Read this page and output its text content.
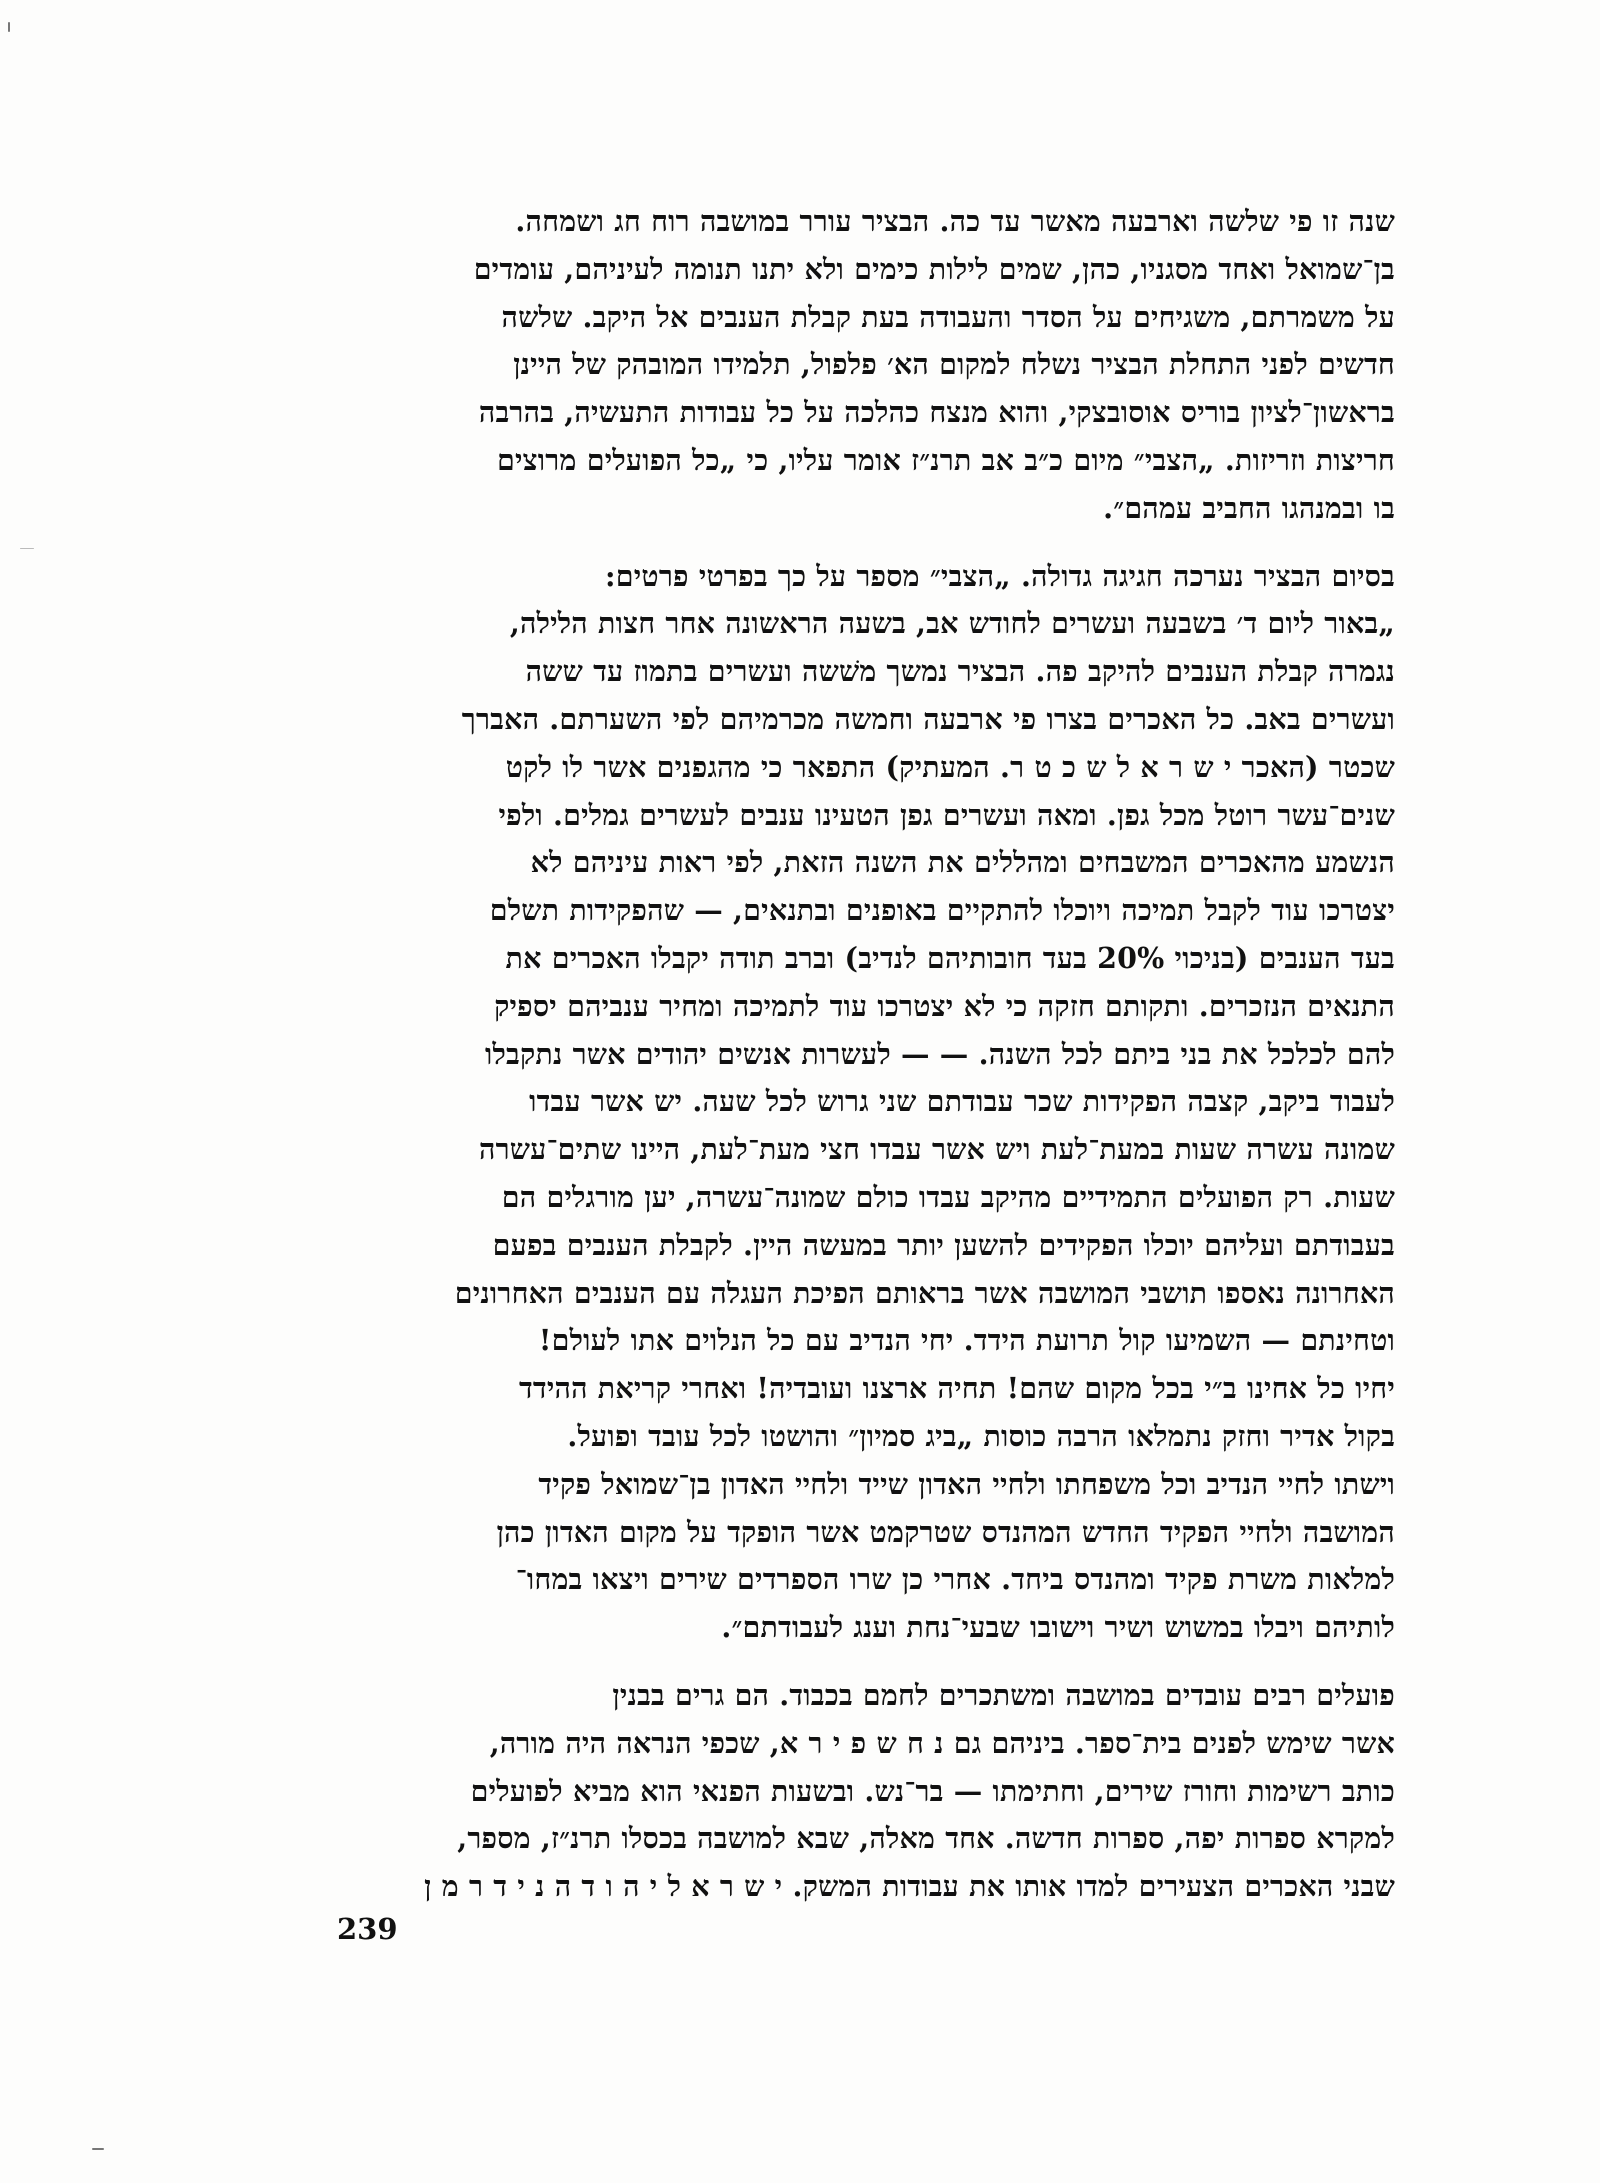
שנה זו פי שלשה וארבעה מאשר עד כה. הבציר עורר במושבה רוח חג ושמחה.
בן־שמואל ואחד מסגניו, כהן, שמים לילות כימים ולא יתנו תנומה לעיניהם, עומדים
על משמרתם, משגיחים על הסדר והעבודה בעת קבלת הענבים אל היקב. שלשה
חדשים לפני התחלת הבציר נשלח למקום הא׳ פלפול, תלמידו המובהק של היינן
בראשון־לציון בוריס אוסובצקי, והוא מנצח כהלכה על כל עבודות התעשיה, בהרבה
חריצות וזריזות. „הצבי״ מיום כ״ב אב תרנ״ז אומר עליו, כי „כל הפועלים מרוצים
בו ובמנהגו החביב עמהם״.
בסיום הבציר נערכה חגיגה גדולה. „הצבי״ מספר על כך בפרטי פרטים:
„באור ליום ד׳ בשבעה ועשרים לחודש אב, בשעה הראשונה אחר חצות הלילה,
נגמרה קבלת הענבים להיקב פה. הבציר נמשך משׁשה ועשרים בתמוז עד ששה
ועשרים באב. כל האכרים בצרו פי ארבעה וחמשה מכרמיהם לפי השערתם. האברך
שכטר (האכר י ש ר א ל ש כ ט ר. המעתיק) התפאר כי מהגפנים אשר לו לקט
שנים־עשר רוטל מכל גפן. ומאה ועשרים גפן הטעינו ענבים לעשרים גמלים. ולפי
הנשמע מהאכרים המשבחים ומהללים את השנה הזאת, לפי ראות עיניהם לא
יצטרכו עוד לקבל תמיכה ויוכלו להתקיים באופנים ובתנאים, — שהפקידות תשלם
בעד הענבים (בניכוי 20% בעד חובותיהם לנדיב) וברב תודה יקבלו האכרים את
התנאים הנזכרים. ותקותם חזקה כי לא יצטרכו עוד לתמיכה ומחיר ענביהם יספיק
להם לכלכל את בני ביתם לכל השנה. — — לעשרות אנשים יהודים אשר נתקבלו
לעבוד ביקב, קצבה הפקידות שכר עבודתם שני גרוש לכל שעה. יש אשר עבדו
שמונה עשרה שעות במעת־לעת ויש אשר עבדו חצי מעת־לעת, היינו שתים־עשרה
שעות. רק הפועלים התמידיים מהיקב עבדו כולם שמונה־עשרה, יען מורגלים הם
בעבודתם ועליהם יוכלו הפקידים להשען יותר במעשה היין. לקבלת הענבים בפעם
האחרונה נאספו תושבי המושבה אשר בראותם הפיכת העגלה עם הענבים האחרונים
וטחינתם — השמיעו קול תרועת הידד. יחי הנדיב עם כל הנלוים אתו לעולם!
יחיו כל אחינו ב״י בכל מקום שהם! תחיה ארצנו ועובדיה! ואחרי קריאת ההידד
בקול אדיר וחזק נתמלאו הרבה כוסות „ביג סמיון״ והושטו לכל עובד ופועל.
וישתו לחיי הנדיב וכל משפחתו ולחיי האדון שייד ולחיי האדון בן־שמואל פקיד
המושבה ולחיי הפקיד החדש המהנדס שטרקמט אשר הופקד על מקום האדון כהן
למלאות משרת פקיד ומהנדס ביחד. אחרי כן שרו הספרדים שירים ויצאו במחו־
לותיהם ויבלו במשוש ושיר וישובו שבעי־נחת וענג לעבודתם״.
פועלים רבים עובדים במושבה ומשתכרים לחמם בכבוד. הם גרים בבנין
אשר שימש לפנים בית־ספר. ביניהם גם נ ח ש פ י ר א, שכפי הנראה היה מורה,
כותב רשימות וחורז שירים, וחתימתו — בר־נש. ובשעות הפנאי הוא מביא לפועלים
למקרא ספרות יפה, ספרות חדשה. אחד מאלה, שבא למושבה בכסלו תרנ״ז, מספר,
שבני האכרים הצעירים למדו אותו את עבודות המשק. י ש ר א ל י ה ו ד ה נ י ד ר מ ן
239
